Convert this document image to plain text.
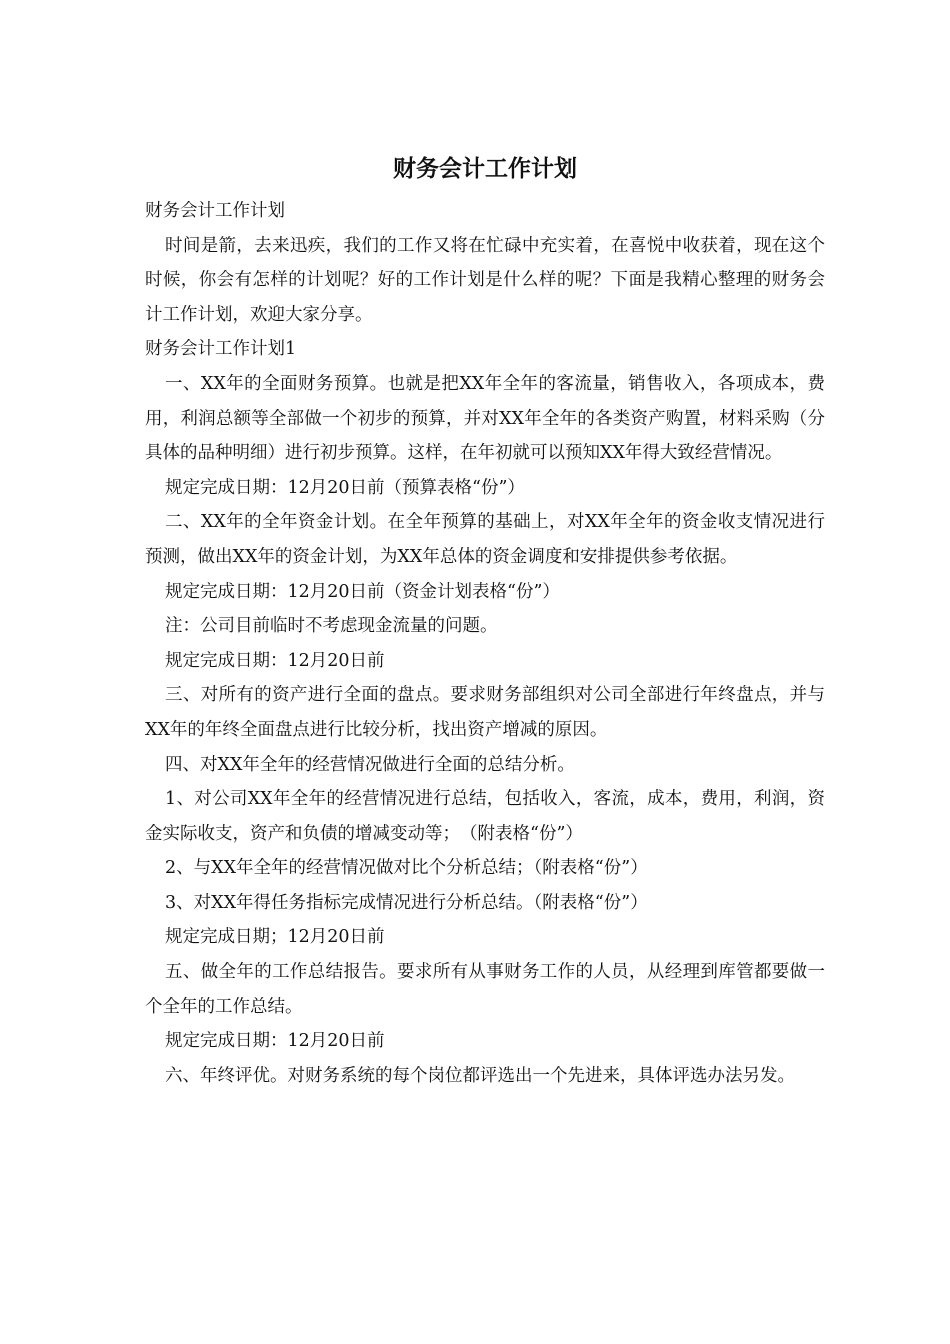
财务会计工作计划

财务会计工作计划

时间是箭，去来迅疾，我们的工作又将在忙碌中充实着，在喜悦中收获着，现在这个时候，你会有怎样的计划呢？好的工作计划是什么样的呢？下面是我精心整理的财务会计工作计划，欢迎大家分享。

财务会计工作计划1

一、XX年的全面财务预算。也就是把XX年全年的客流量，销售收入，各项成本，费用，利润总额等全部做一个初步的预算，并对XX年全年的各类资产购置，材料采购（分具体的品种明细）进行初步预算。这样，在年初就可以预知XX年得大致经营情况。

规定完成日期：12月20日前（预算表格“份”）

二、XX年的全年资金计划。在全年预算的基础上，对XX年全年的资金收支情况进行预测，做出XX年的资金计划，为XX年总体的资金调度和安排提供参考依据。

规定完成日期：12月20日前（资金计划表格“份”）

注：公司目前临时不考虑现金流量的问题。

规定完成日期：12月20日前

三、对所有的资产进行全面的盘点。要求财务部组织对公司全部进行年终盘点，并与XX年的年终全面盘点进行比较分析，找出资产增减的原因。

四、对XX年全年的经营情况做进行全面的总结分析。

1、对公司XX年全年的经营情况进行总结，包括收入，客流，成本，费用，利润，资金实际收支，资产和负债的增减变动等；　（附表格“份”）

2、与XX年全年的经营情况做对比个分析总结；（附表格“份”）

3、对XX年得任务指标完成情况进行分析总结。（附表格“份”）

规定完成日期；12月20日前

五、做全年的工作总结报告。要求所有从事财务工作的人员，从经理到库管都要做一个全年的工作总结。

规定完成日期：12月20日前

六、年终评优。对财务系统的每个岗位都评选出一个先进来，具体评选办法另发。
